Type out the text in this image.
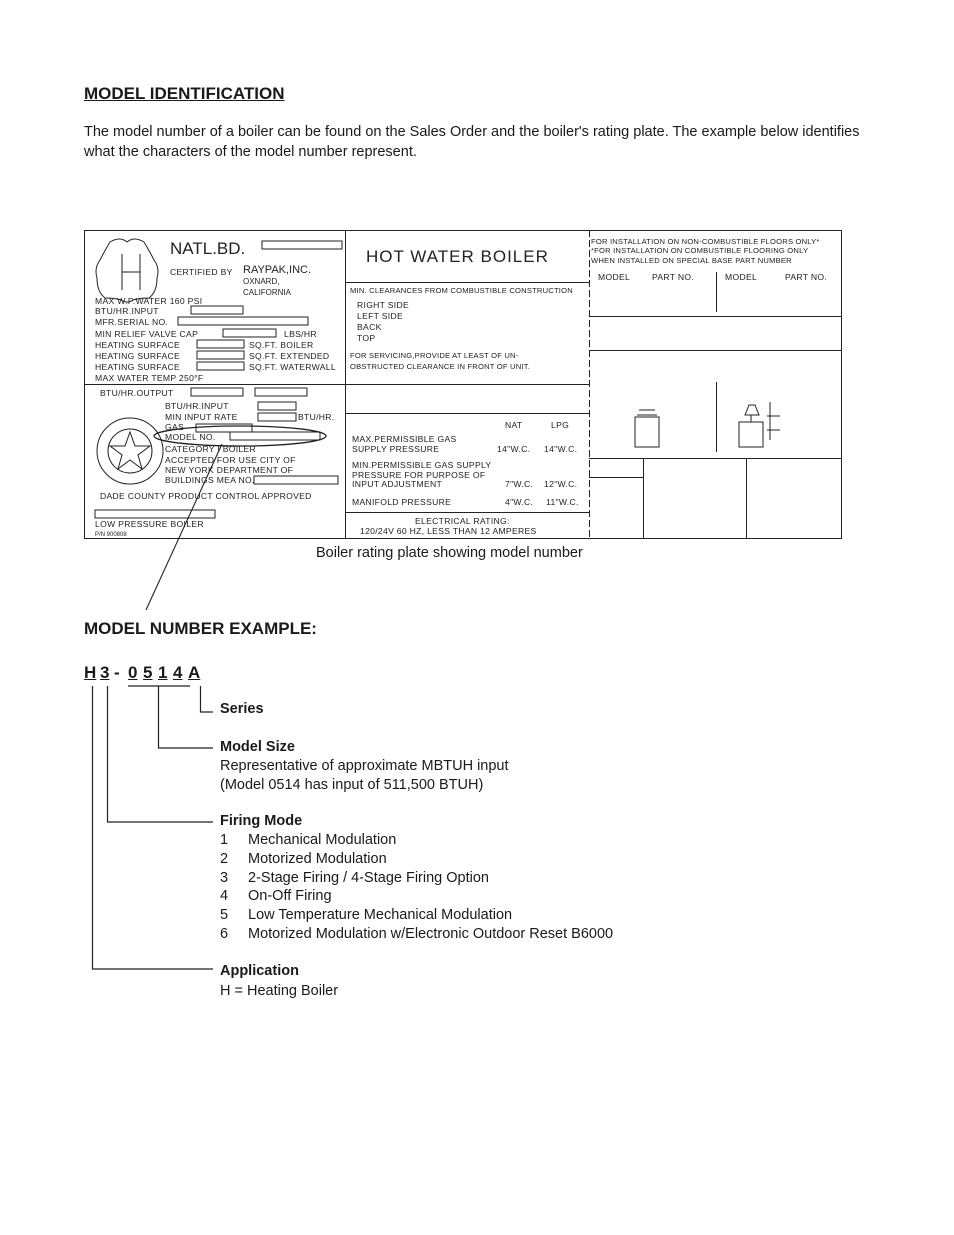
MODEL IDENTIFICATION
The model number of a boiler can be found on the Sales Order and the boiler's rating plate. The example below identifies what the characters of the model number represent.
NATL.BD.
CERTIFIED BY RAYPAK,INC.
OXNARD,
CALIFORNIA
HOT WATER BOILER
MAX W.P.WATER 160 PSI
BTU/HR.INPUT
MFR.SERIAL NO.
MIN RELIEF VALVE CAP
HEATING SURFACE
HEATING SURFACE
HEATING SURFACE
MAX WATER TEMP 250°F
LBS/HR
SQ.FT. BOILER
SQ.FT. EXTENDED
SQ.FT. WATERWALL
MIN. CLEARANCES FROM COMBUSTIBLE CONSTRUCTION
RIGHT SIDE
LEFT SIDE
BACK
TOP
FOR SERVICING,PROVIDE AT LEAST OF UN-
OBSTRUCTED CLEARANCE IN FRONT OF UNIT.
FOR INSTALLATION ON NON-COMBUSTIBLE FLOORS ONLY*
*FOR INSTALLATION ON COMBUSTIBLE FLOORING ONLY
WHEN INSTALLED ON SPECIAL BASE PART NUMBER
MODEL	PART NO.	MODEL	PART NO.
BTU/HR.OUTPUT
BTU/HR.INPUT
MIN INPUT RATE	BTU/HR.
GAS
MODEL NO.
CATEGORY I BOILER
ACCEPTED FOR USE CITY OF
NEW YORK DEPARTMENT OF
BUILDINGS MEA NO.
DADE COUNTY PRODUCT CONTROL APPROVED
LOW PRESSURE BOILER
P/N 900808
NAT	LPG
MAX.PERMISSIBLE GAS
SUPPLY PRESSURE	14"W.C. 14"W.C.
MIN.PERMISSIBLE GAS SUPPLY
PRESSURE FOR PURPOSE OF
INPUT ADJUSTMENT	7"W.C. 12"W.C.
MANIFOLD PRESSURE	4"W.C. 11"W.C.
ELECTRICAL RATING:
120/24V 60 HZ, LESS THAN 12 AMPERES
Boiler rating plate showing model number
MODEL NUMBER EXAMPLE:
H 3 - 0 5 1 4 A
Series
Model Size
Representative of approximate MBTUH input
(Model 0514 has input of 511,500 BTUH)
Firing Mode
1 Mechanical Modulation
2 Motorized Modulation
3 2-Stage Firing / 4-Stage Firing Option
4 On-Off Firing
5 Low Temperature Mechanical Modulation
6 Motorized Modulation w/Electronic Outdoor Reset B6000
Application
H = Heating Boiler
